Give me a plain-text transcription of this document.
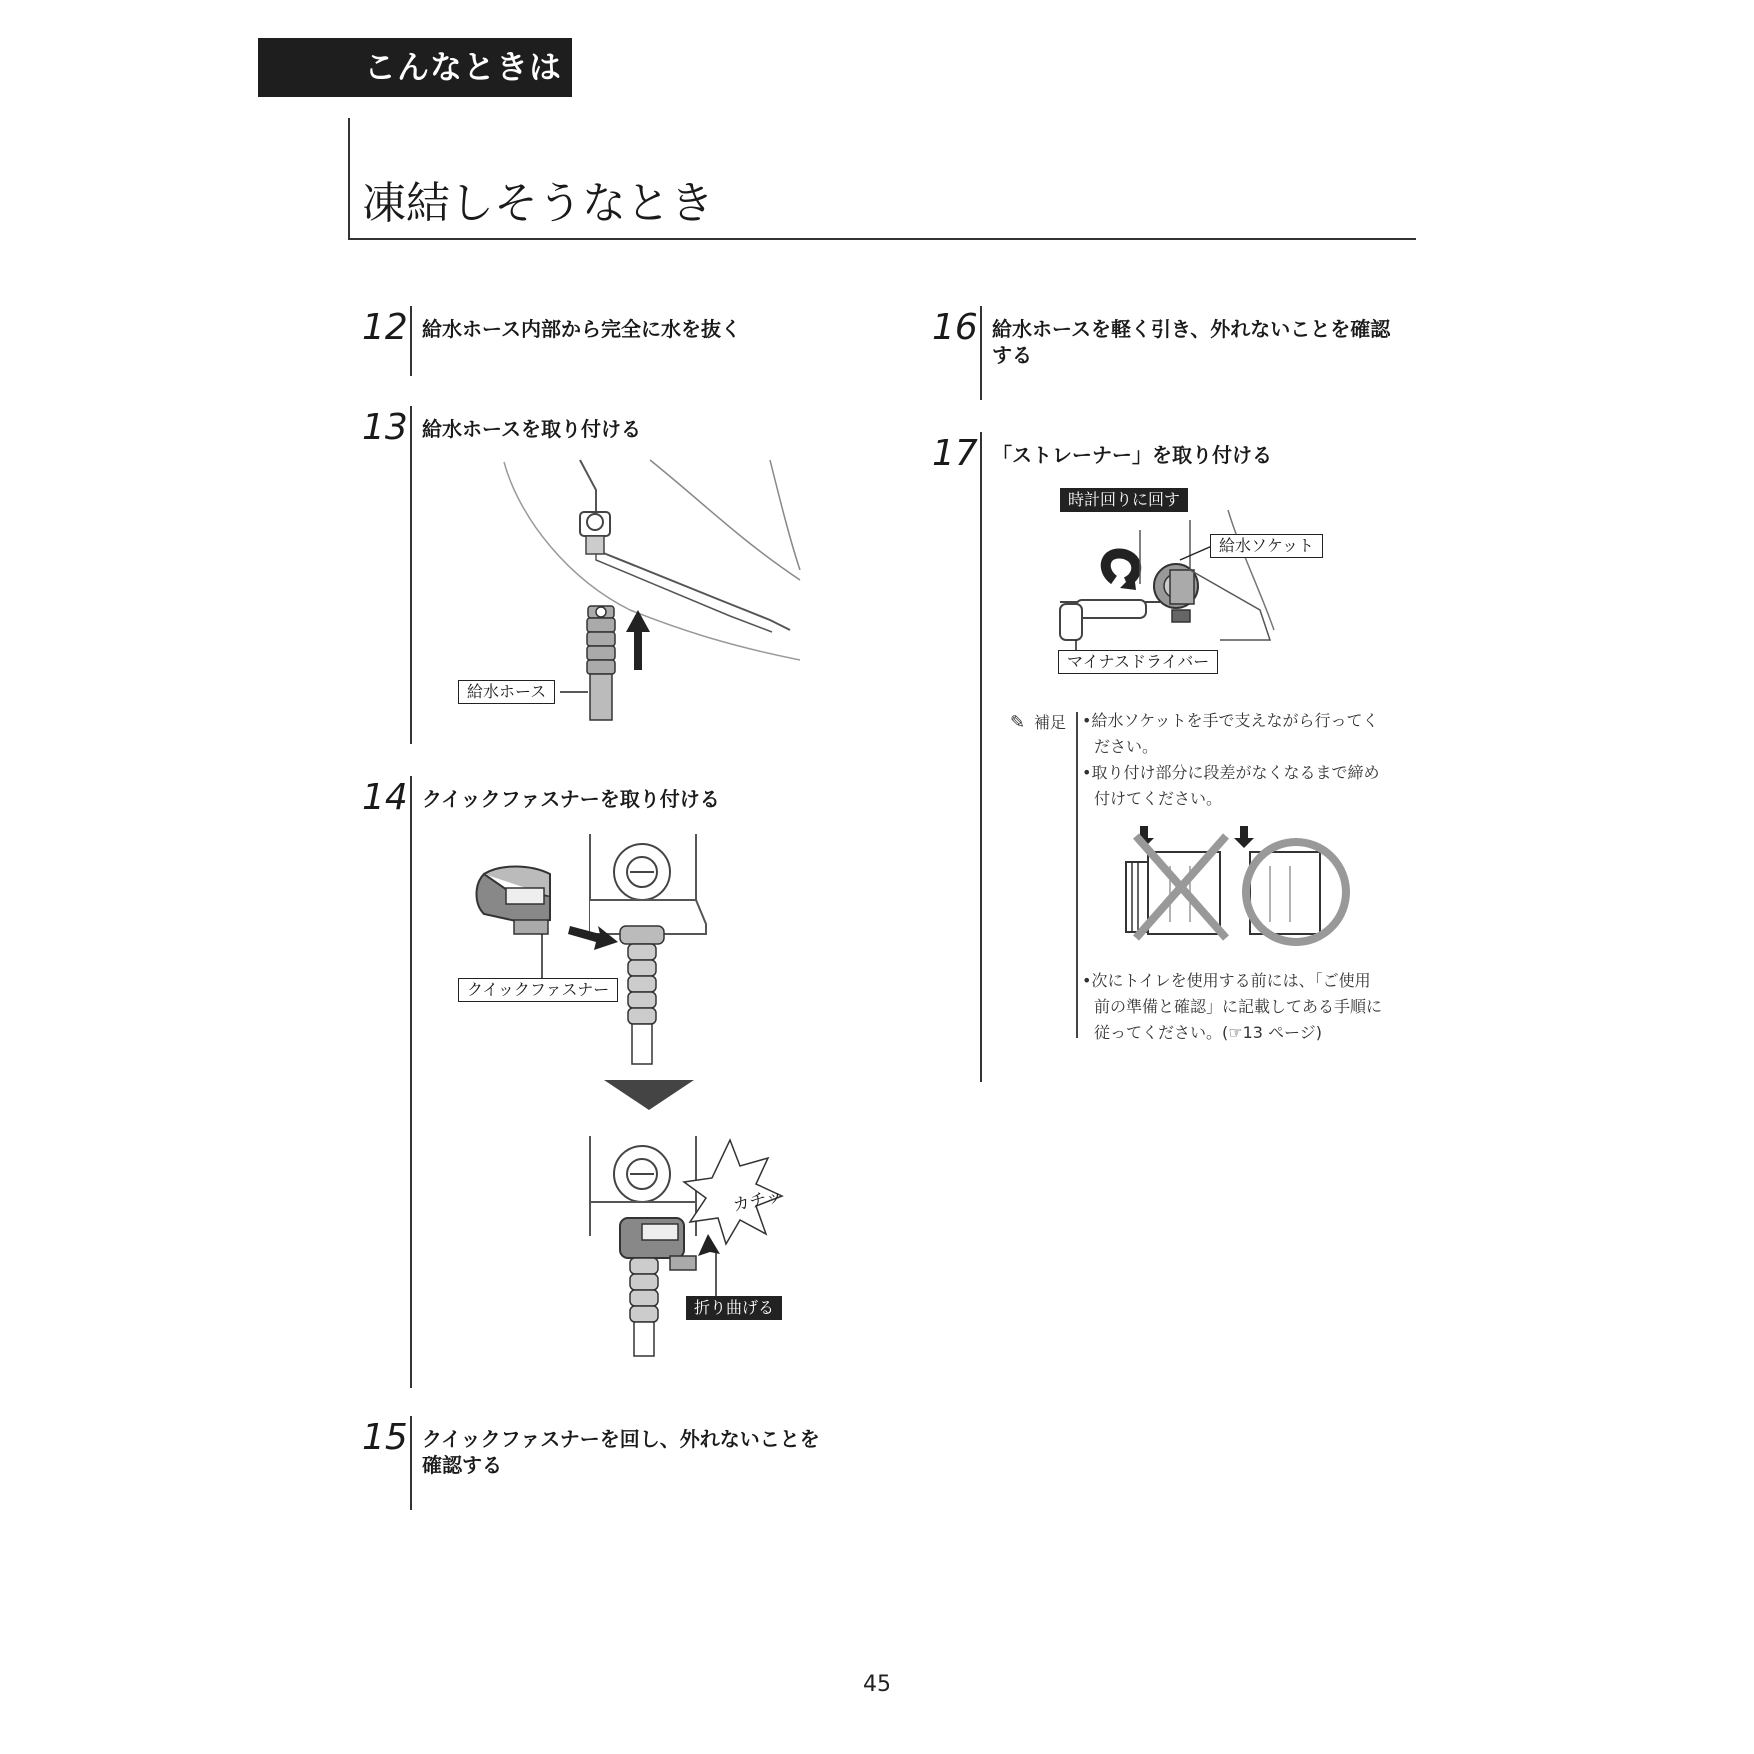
こんなときは
凍結しそうなとき
12 給水ホース内部から完全に水を抜く
13 給水ホースを取り付ける
給水ホース
14 クイックファスナーを取り付ける
クイックファスナー
カチッ
折り曲げる
15 クイックファスナーを回し、外れないことを
確認する
16 給水ホースを軽く引き、外れないことを確認
する
17 「ストレーナー」を取り付ける
時計回りに回す
給水ソケット
マイナスドライバー
✎ 補足 •給水ソケットを手で支えながら行ってく
ださい。
•取り付け部分に段差がなくなるまで締め
付けてください。
•次にトイレを使用する前には、「ご使用
前の準備と確認」に記載してある手順に
従ってください。(☞13 ページ)
45
